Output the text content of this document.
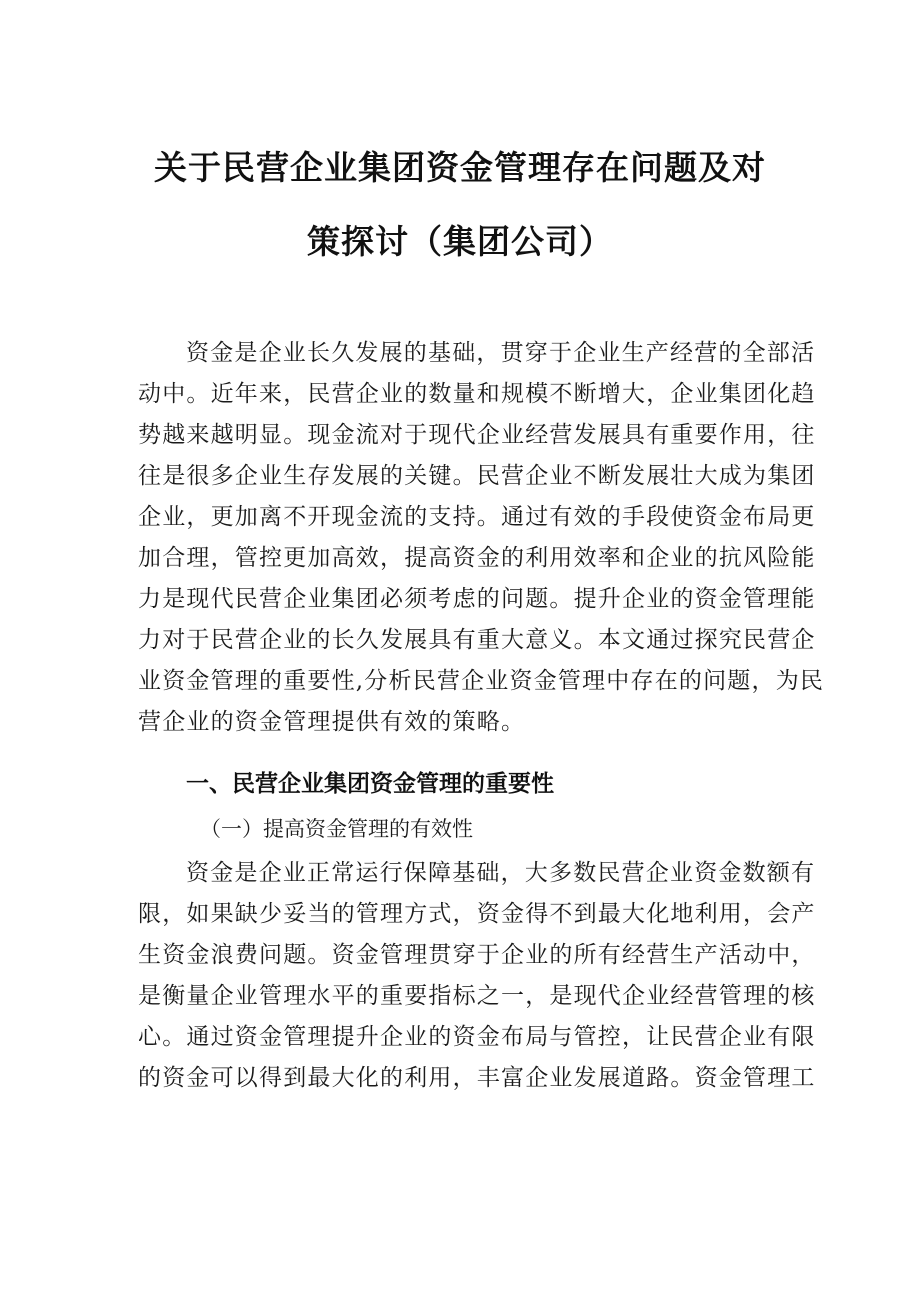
关于民营企业集团资金管理存在问题及对
策探讨（集团公司）
资金是企业长久发展的基础，贯穿于企业生产经营的全部活
动中。近年来，民营企业的数量和规模不断增大，企业集团化趋
势越来越明显。现金流对于现代企业经营发展具有重要作用，往
往是很多企业生存发展的关键。民营企业不断发展壮大成为集团
企业，更加离不开现金流的支持。通过有效的手段使资金布局更
加合理，管控更加高效，提高资金的利用效率和企业的抗风险能
力是现代民营企业集团必须考虑的问题。提升企业的资金管理能
力对于民营企业的长久发展具有重大意义。本文通过探究民营企
业资金管理的重要性,分析民营企业资金管理中存在的问题，为民
营企业的资金管理提供有效的策略。
一、民营企业集团资金管理的重要性
（一）提高资金管理的有效性
资金是企业正常运行保障基础，大多数民营企业资金数额有
限，如果缺少妥当的管理方式，资金得不到最大化地利用，会产
生资金浪费问题。资金管理贯穿于企业的所有经营生产活动中，
是衡量企业管理水平的重要指标之一，是现代企业经营管理的核
心。通过资金管理提升企业的资金布局与管控，让民营企业有限
的资金可以得到最大化的利用，丰富企业发展道路。资金管理工
